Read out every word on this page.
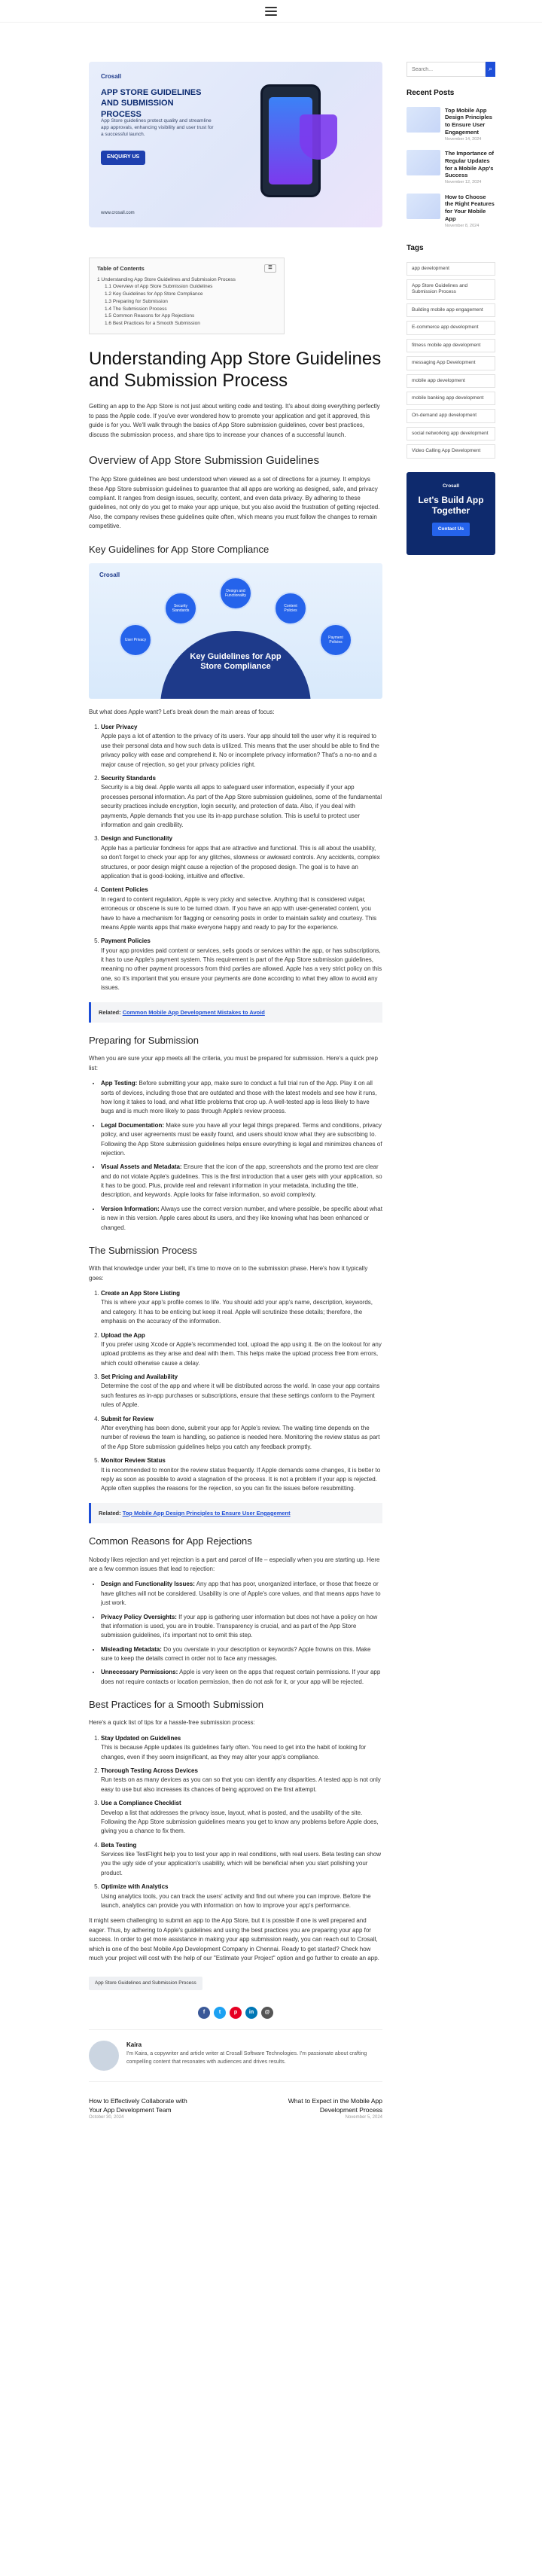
Crosall
APP STORE GUIDELINES AND SUBMISSION PROCESS
App Store guidelines protect quality and streamline app approvals, enhancing visibility and user trust for a successful launch.
ENQUIRY US
www.crosall.com
Table of Contents	☰
1 Understanding App Store Guidelines and Submission Process
1.1 Overview of App Store Submission Guidelines
1.2 Key Guidelines for App Store Compliance
1.3 Preparing for Submission
1.4 The Submission Process
1.5 Common Reasons for App Rejections
1.6 Best Practices for a Smooth Submission
Understanding App Store Guidelines and Submission Process

Getting an app to the App Store is not just about writing code and testing. It's about doing everything perfectly to pass the Apple code. If you've ever wondered how to promote your application and get it approved, this guide is for you. We'll walk through the basics of App Store submission guidelines, cover best practices, discuss the submission process, and share tips to increase your chances of a successful launch.

Overview of App Store Submission Guidelines

The App Store guidelines are best understood when viewed as a set of directions for a journey. It employs these App Store submission guidelines to guarantee that all apps are working as designed, safe, and privacy compliant. It ranges from design issues, security, content, and even data privacy. By adhering to these guidelines, not only do you get to make your app unique, but you also avoid the frustration of getting rejected. Also, the company revises these guidelines quite often, which means you must follow the changes to remain competitive.

Key Guidelines for App Store Compliance
Crosall
Key Guidelines for App Store Compliance
User Privacy
Security Standards
Design and Functionality
Content Policies
Payment Policies

But what does Apple want? Let's break down the main areas of focus:

1. User Privacy
Apple pays a lot of attention to the privacy of its users. Your app should tell the user why it is required to use their personal data and how such data is utilized. This means that the user should be able to find the privacy policy with ease and comprehend it. No or incomplete privacy information? That's a no-no and a major cause of rejection, so get your privacy policies right.
2. Security Standards
Security is a big deal. Apple wants all apps to safeguard user information, especially if your app processes personal information. As part of the App Store submission guidelines, some of the fundamental security practices include encryption, login security, and protection of data. Also, if you deal with payments, Apple demands that you use its in-app purchase solution. This is useful to protect user information and gain credibility.
3. Design and Functionality
Apple has a particular fondness for apps that are attractive and functional. This is all about the usability, so don't forget to check your app for any glitches, slowness or awkward controls. Any accidents, complex structures, or poor design might cause a rejection of the proposed design. The goal is to have an application that is good-looking, intuitive and effective.
4. Content Policies
In regard to content regulation, Apple is very picky and selective. Anything that is considered vulgar, erroneous or obscene is sure to be turned down. If you have an app with user-generated content, you have to have a mechanism for flagging or censoring posts in order to maintain safety and courtesy. This means Apple wants apps that make everyone happy and ready to pay for the experience.
5. Payment Policies
If your app provides paid content or services, sells goods or services within the app, or has subscriptions, it has to use Apple's payment system. This requirement is part of the App Store submission guidelines, meaning no other payment processors from third parties are allowed. Apple has a very strict policy on this one, so it's important that you ensure your payments are done according to what they allow to avoid any issues.
Related: Common Mobile App Development Mistakes to Avoid
Preparing for Submission

When you are sure your app meets all the criteria, you must be prepared for submission. Here's a quick prep list:

• App Testing: Before submitting your app, make sure to conduct a full trial run of the App. Play it on all sorts of devices, including those that are outdated and those with the latest models and see how it runs, how long it takes to load, and what little problems that crop up. A well-tested app is less likely to have bugs and is much more likely to pass through Apple's review process.
• Legal Documentation: Make sure you have all your legal things prepared. Terms and conditions, privacy policy, and user agreements must be easily found, and users should know what they are subscribing to. Following the App Store submission guidelines helps ensure everything is legal and minimizes chances of rejection.
• Visual Assets and Metadata: Ensure that the icon of the app, screenshots and the promo text are clear and do not violate Apple's guidelines. This is the first introduction that a user gets with your application, so it has to be good. Plus, provide real and relevant information in your metadata, including the title, description, and keywords. Apple looks for false information, so avoid complexity.
• Version Information: Always use the correct version number, and where possible, be specific about what is new in this version. Apple cares about its users, and they like knowing what has been enhanced or changed.
The Submission Process

With that knowledge under your belt, it's time to move on to the submission phase. Here's how it typically goes:

1. Create an App Store Listing
This is where your app's profile comes to life. You should add your app's name, description, keywords, and category. It has to be enticing but keep it real. Apple will scrutinize these details; therefore, the emphasis on the accuracy of the information.
2. Upload the App
If you prefer using Xcode or Apple's recommended tool, upload the app using it. Be on the lookout for any upload problems as they arise and deal with them. This helps make the upload process free from errors, which could otherwise cause a delay.
3. Set Pricing and Availability
Determine the cost of the app and where it will be distributed across the world. In case your app contains such features as in-app purchases or subscriptions, ensure that these settings conform to the Payment rules of Apple.
4. Submit for Review
After everything has been done, submit your app for Apple's review. The waiting time depends on the number of reviews the team is handling, so patience is needed here. Monitoring the review status as part of the App Store submission guidelines helps you catch any feedback promptly.
5. Monitor Review Status
It is recommended to monitor the review status frequently. If Apple demands some changes, it is better to reply as soon as possible to avoid a stagnation of the process. It is not a problem if your app is rejected. Apple often supplies the reasons for the rejection, so you can fix the issues before resubmitting.
Related: Top Mobile App Design Principles to Ensure User Engagement
Common Reasons for App Rejections

Nobody likes rejection and yet rejection is a part and parcel of life – especially when you are starting up. Here are a few common issues that lead to rejection:

• Design and Functionality Issues: Any app that has poor, unorganized interface, or those that freeze or have glitches will not be considered. Usability is one of Apple's core values, and that means apps have to just work.
• Privacy Policy Oversights: If your app is gathering user information but does not have a policy on how that information is used, you are in trouble. Transparency is crucial, and as part of the App Store submission guidelines, it's important not to omit this step.
• Misleading Metadata: Do you overstate in your description or keywords? Apple frowns on this. Make sure to keep the details correct in order not to face any messages.
• Unnecessary Permissions: Apple is very keen on the apps that request certain permissions. If your app does not require contacts or location permission, then do not ask for it, or your app will be rejected.
Best Practices for a Smooth Submission

Here's a quick list of tips for a hassle-free submission process:

1. Stay Updated on Guidelines
This is because Apple updates its guidelines fairly often. You need to get into the habit of looking for changes, even if they seem insignificant, as they may alter your app's compliance.
2. Thorough Testing Across Devices
Run tests on as many devices as you can so that you can identify any disparities. A tested app is not only easy to use but also increases its chances of being approved on the first attempt.
3. Use a Compliance Checklist
Develop a list that addresses the privacy issue, layout, what is posted, and the usability of the site. Following the App Store submission guidelines means you get to know any problems before Apple does, giving you a chance to fix them.
4. Beta Testing
Services like TestFlight help you to test your app in real conditions, with real users. Beta testing can show you the ugly side of your application's usability, which will be beneficial when you start polishing your product.
5. Optimize with Analytics
Using analytics tools, you can track the users' activity and find out where you can improve. Before the launch, analytics can provide you with information on how to improve your app's performance.

It might seem challenging to submit an app to the App Store, but it is possible if one is well prepared and eager. Thus, by adhering to Apple's guidelines and using the best practices you are preparing your app for success. In order to get more assistance in making your app submission ready, you can reach out to Crosall, which is one of the best Mobile App Development Company in Chennai. Ready to get started? Check how much your project will cost with the help of our "Estimate your Project" option and go further to create an app.

App Store Guidelines and Submission Process
f	t	p	in	@
Kaira
I'm Kaira, a copywriter and article writer at Crosall Software Technologies. I'm passionate about crafting compelling content that resonates with audiences and drives results.
How to Effectively Collaborate with Your App Development Team
October 30, 2024
What to Expect in the Mobile App Development Process
November 5, 2024
Search...
⌕
Recent Posts
Top Mobile App Design Principles to Ensure User Engagement
November 14, 2024
The Importance of Regular Updates for a Mobile App's Success
November 12, 2024
How to Choose the Right Features for Your Mobile App
November 8, 2024
Tags
app development
App Store Guidelines and Submission Process
Building mobile app engagement
E-commerce app development
fitness mobile app development
messaging App Development
mobile app development
mobile banking app development
On-demand app development
social networking app development
Video Calling App Development
Crosall
Let's Build App Together
Contact Us
